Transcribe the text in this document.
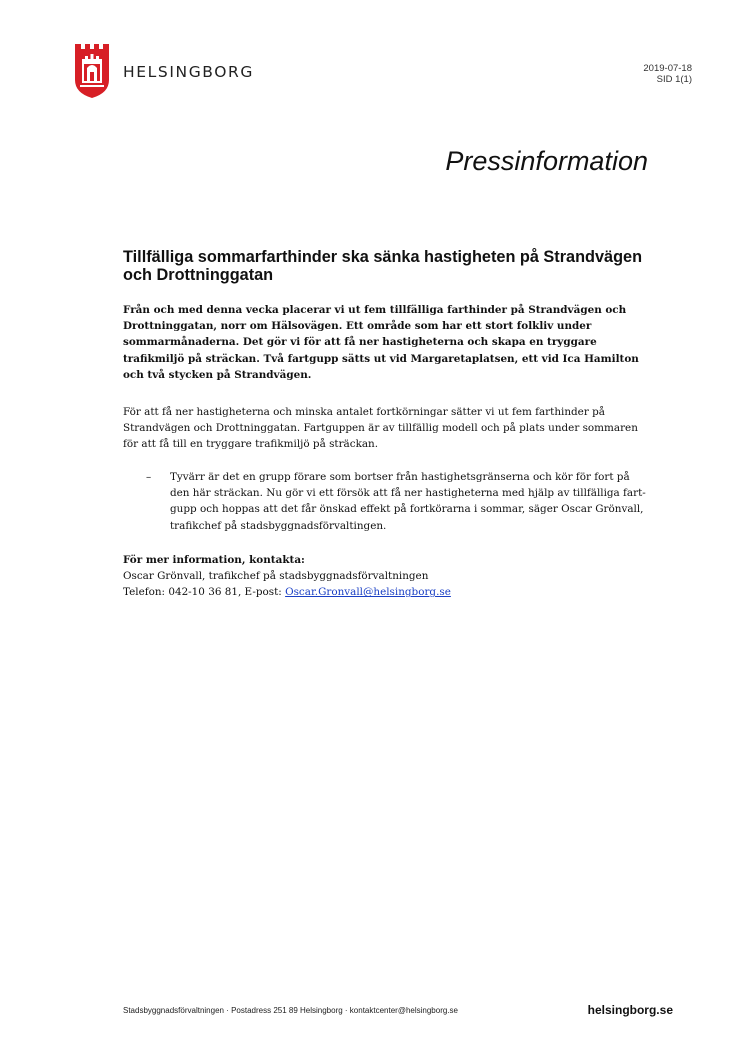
HELSINGBORG	2019-07-18
SID 1(1)
Pressinformation
Tillfälliga sommarfarthinder ska sänka hastigheten på Strandvägen och Drottninggatan

Från och med denna vecka placerar vi ut fem tillfälliga farthinder på Strandvägen och Drottninggatan, norr om Hälsovägen. Ett område som har ett stort folkliv under sommarmånaderna. Det gör vi för att få ner hastigheterna och skapa en tryggare trafikmiljö på sträckan. Två fartgupp sätts ut vid Margaretaplatsen, ett vid Ica Hamilton och två stycken på Strandvägen.

För att få ner hastigheterna och minska antalet fortkörningar sätter vi ut fem farthinder på Strandvägen och Drottninggatan. Fartguppen är av tillfällig modell och på plats under sommaren för att få till en tryggare trafikmiljö på sträckan.

– Tyvärr är det en grupp förare som bortser från hastighetsgränserna och kör för fort på den här sträckan. Nu gör vi ett försök att få ner hastigheterna med hjälp av tillfälliga fartgupp och hoppas att det får önskad effekt på fortkörarna i sommar, säger Oscar Grönvall, trafikchef på stadsbyggnadsförvaltingen.
För mer information, kontakta:
Oscar Grönvall, trafikchef på stadsbyggnadsförvaltningen
Telefon: 042-10 36 81, E-post: Oscar.Gronvall@helsingborg.se
Stadsbyggnadsförvaltningen · Postadress 251 89 Helsingborg · kontaktcenter@helsingborg.se	helsingborg.se
